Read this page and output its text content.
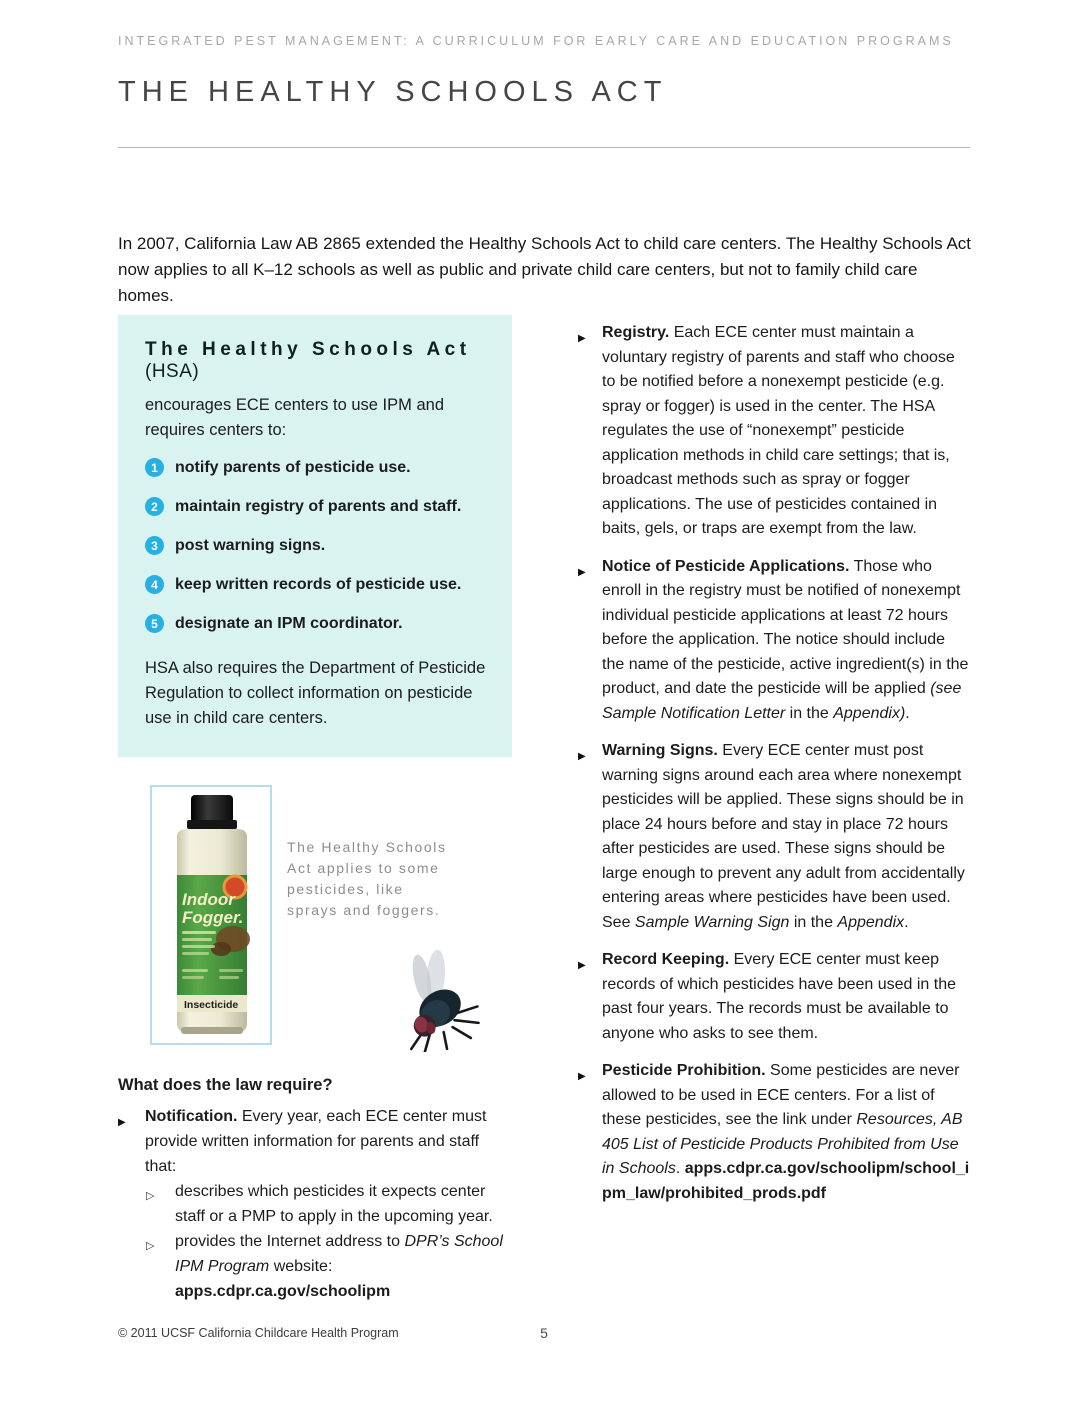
INTEGRATED PEST MANAGEMENT: A CURRICULUM FOR EARLY CARE AND EDUCATION PROGRAMS
THE HEALTHY SCHOOLS ACT

In 2007, California Law AB 2865 extended the Healthy Schools Act to child care centers. The Healthy Schools Act now applies to all K–12 schools as well as public and private child care centers, but not to family child care homes.

The Healthy Schools Act (HSA)
encourages ECE centers to use IPM and requires centers to:
1	notify parents of pesticide use.
2	maintain registry of parents and staff.
3	post warning signs.
4	keep written records of pesticide use.
5	designate an IPM coordinator.
HSA also requires the Department of Pesticide Regulation to collect information on pesticide use in child care centers.
Indoor
Fogger.
Insecticide
The Healthy Schools
Act applies to some
pesticides, like
sprays and foggers.
What does the law require?
▶	Notification. Every year, each ECE center must provide written information for parents and staff that:
▷	describes which pesticides it expects center staff or a PMP to apply in the upcoming year.
▷	provides the Internet address to DPR’s School IPM Program website:
apps.cdpr.ca.gov/schoolipm
▶	Registry. Each ECE center must maintain a voluntary registry of parents and staff who choose to be notified before a nonexempt pesticide (e.g. spray or fogger) is used in the center. The HSA regulates the use of “nonexempt” pesticide application methods in child care settings; that is, broadcast methods such as spray or fogger applications. The use of pesticides contained in baits, gels, or traps are exempt from the law.
▶	Notice of Pesticide Applications. Those who enroll in the registry must be notified of nonexempt individual pesticide applications at least 72 hours before the application. The notice should include the name of the pesticide, active ingredient(s) in the product, and date the pesticide will be applied (see Sample Notification Letter in the Appendix).
▶	Warning Signs. Every ECE center must post warning signs around each area where nonexempt pesticides will be applied. These signs should be in place 24 hours before and stay in place 72 hours after pesticides are used. These signs should be large enough to prevent any adult from accidentally entering areas where pesticides have been used. See Sample Warning Sign in the Appendix.
▶	Record Keeping. Every ECE center must keep records of which pesticides have been used in the past four years. The records must be available to anyone who asks to see them.
▶	Pesticide Prohibition. Some pesticides are never allowed to be used in ECE centers. For a list of these pesticides, see the link under Resources, AB 405 List of Pesticide Products Prohibited from Use in Schools. apps.cdpr.ca.gov/schoolipm/school_ipm_law/prohibited_prods.pdf
© 2011 UCSF California Childcare Health Program	5
